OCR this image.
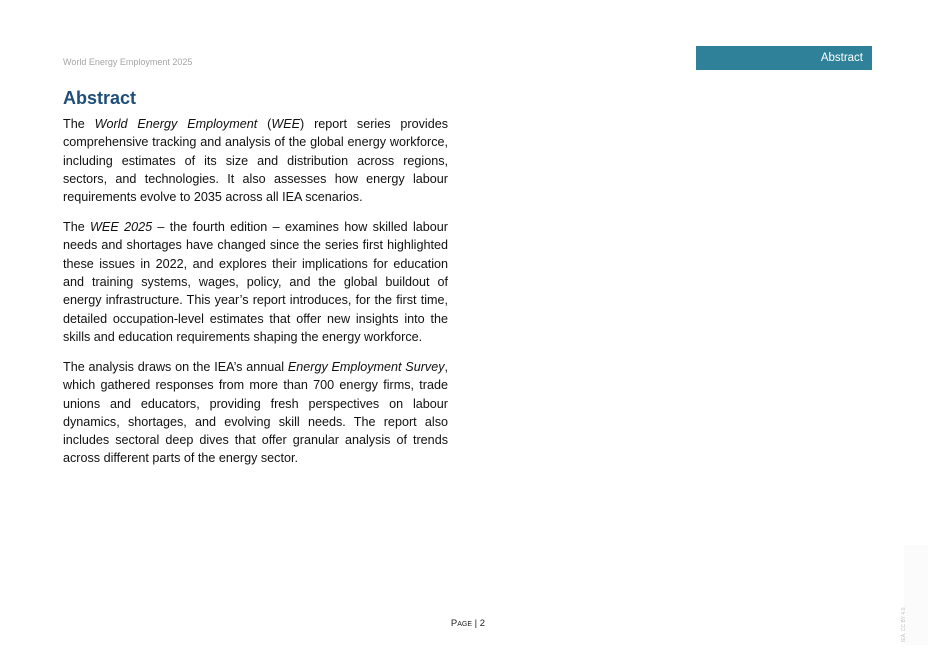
World Energy Employment 2025	Abstract
Abstract

The World Energy Employment (WEE) report series provides comprehensive tracking and analysis of the global energy workforce, including estimates of its size and distribution across regions, sectors, and technologies. It also assesses how energy labour requirements evolve to 2035 across all IEA scenarios.

The WEE 2025 – the fourth edition – examines how skilled labour needs and shortages have changed since the series first highlighted these issues in 2022, and explores their implications for education and training systems, wages, policy, and the global buildout of energy infrastructure. This year’s report introduces, for the first time, detailed occupation-level estimates that offer new insights into the skills and education requirements shaping the energy workforce.

The analysis draws on the IEA’s annual Energy Employment Survey, which gathered responses from more than 700 energy firms, trade unions and educators, providing fresh perspectives on labour dynamics, shortages, and evolving skill needs. The report also includes sectoral deep dives that offer granular analysis of trends across different parts of the energy sector.

Page | 2	IEA. CC BY 4.0.
